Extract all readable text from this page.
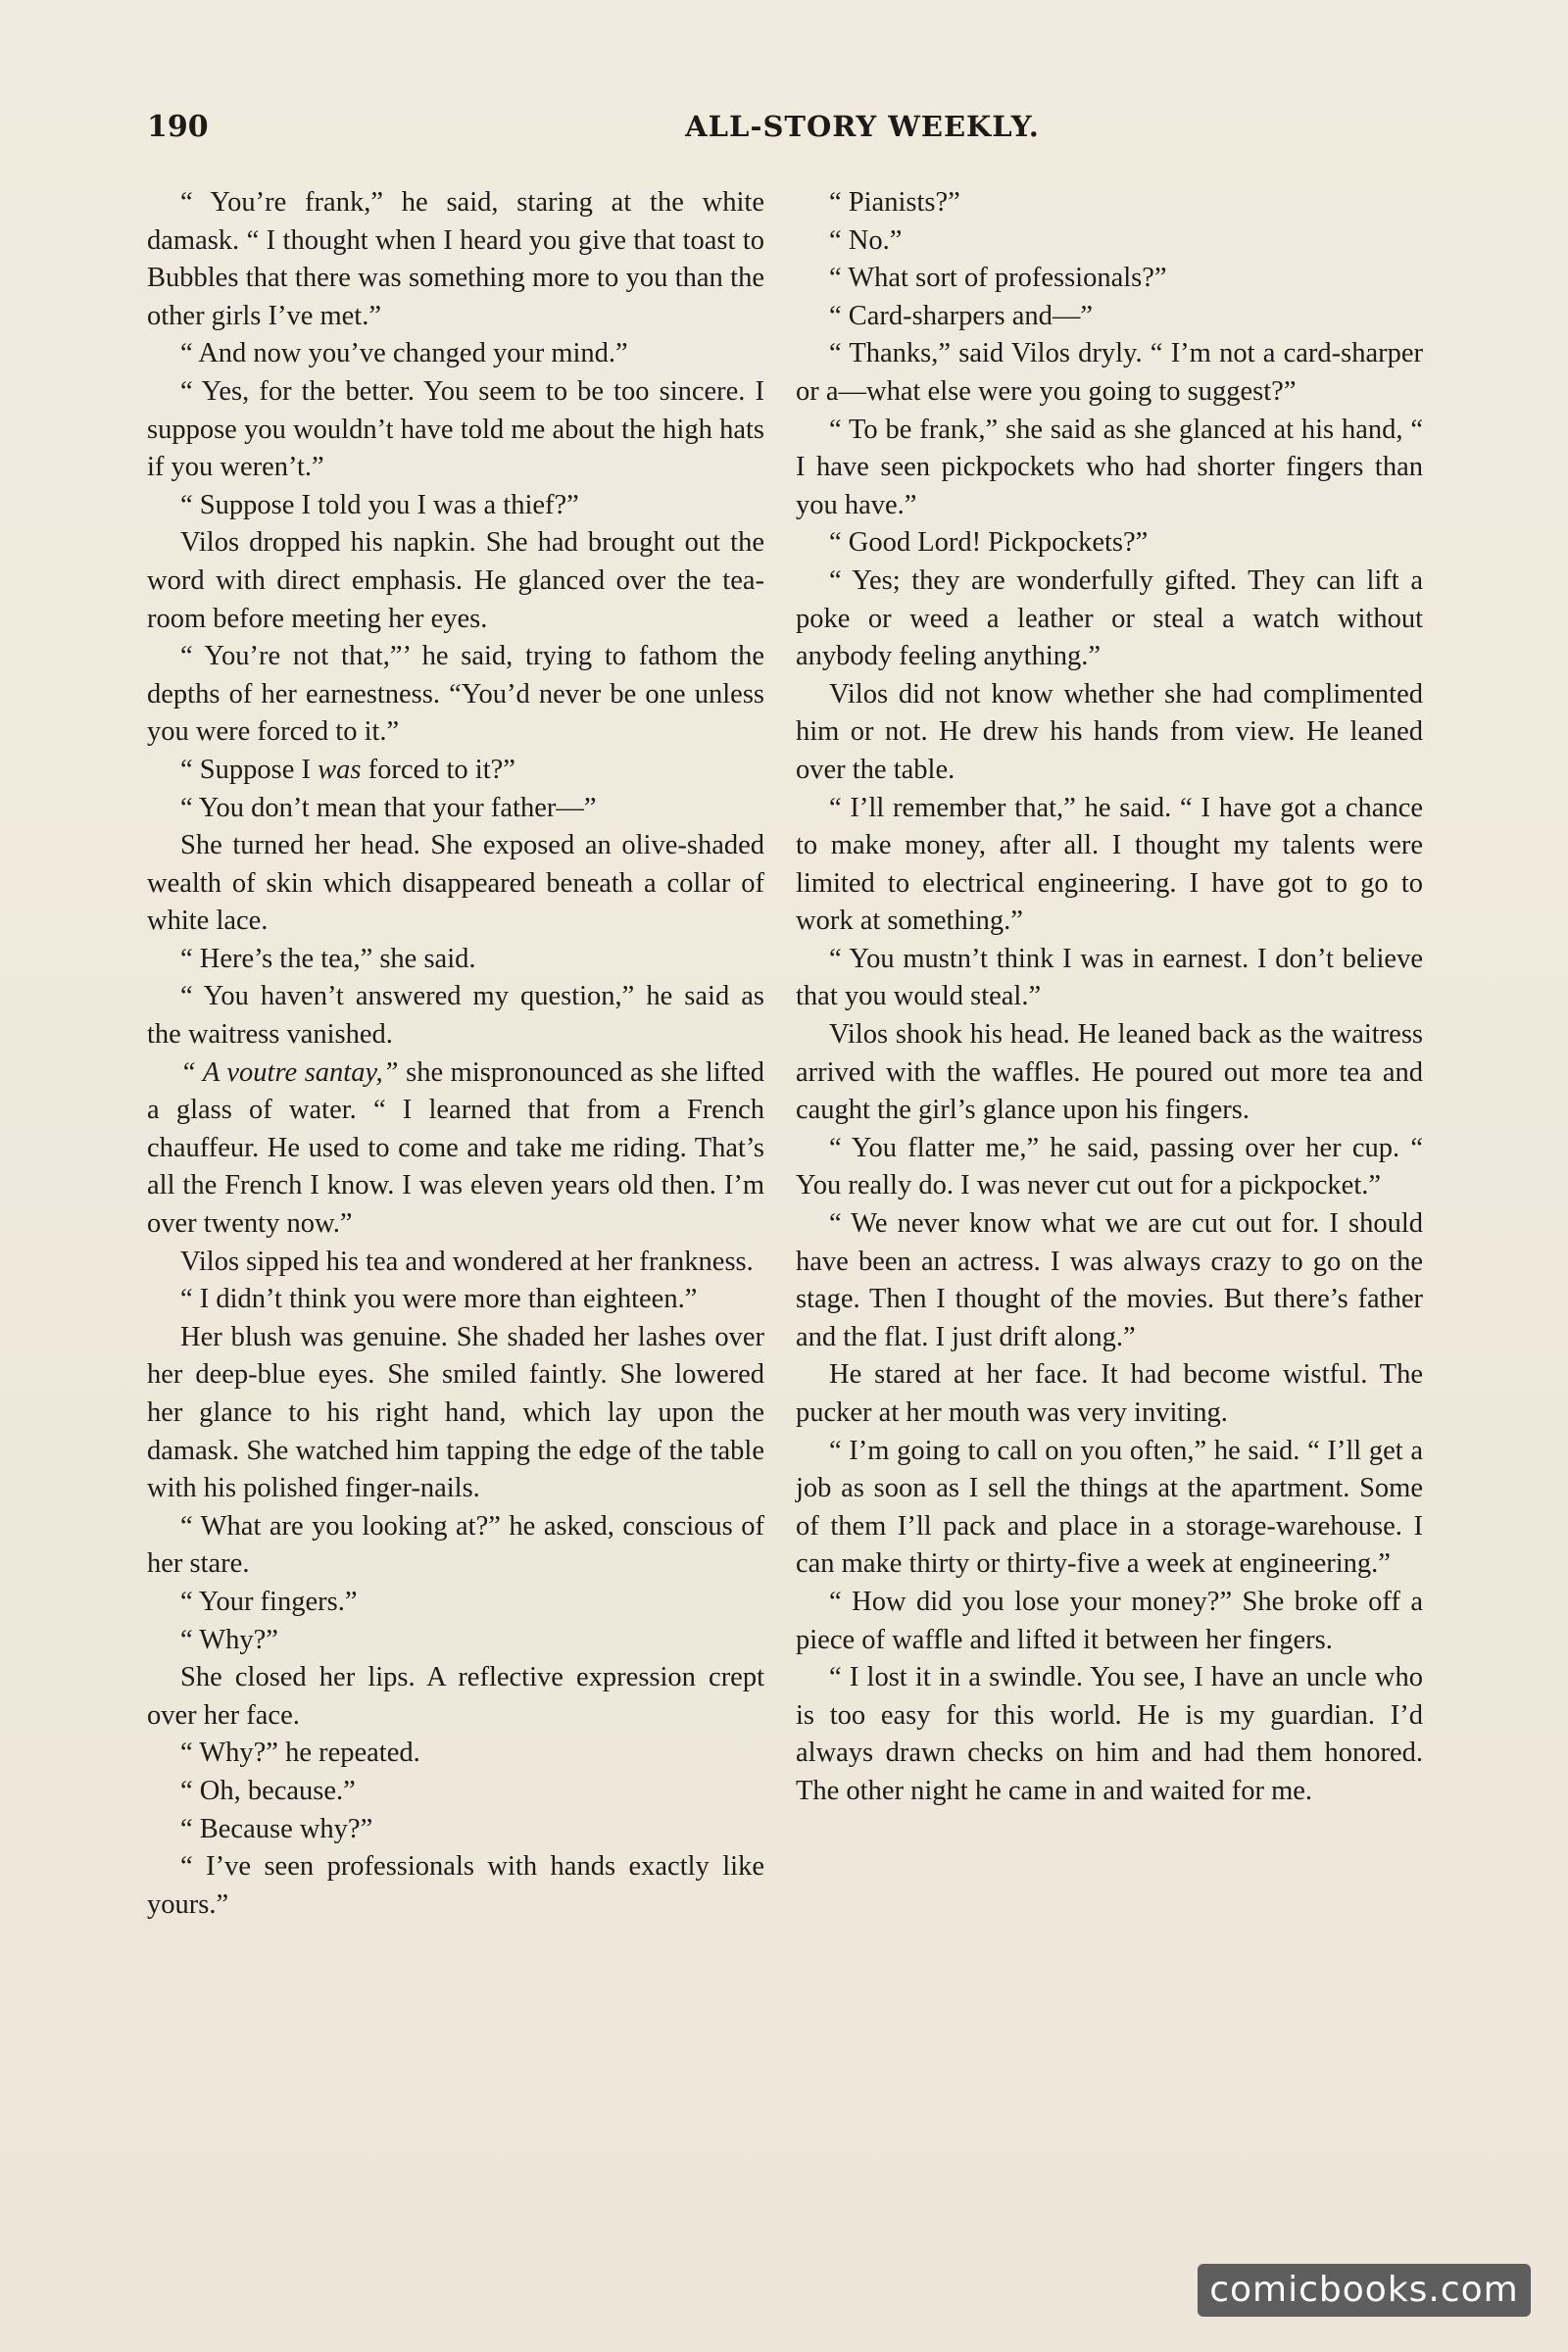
190	ALL-STORY WEEKLY.

“ You’re frank,” he said, staring at the white damask. “ I thought when I heard you give that toast to Bubbles that there was something more to you than the other girls I’ve met.”

“ And now you’ve changed your mind.”

“ Yes, for the better. You seem to be too sincere. I suppose you wouldn’t have told me about the high hats if you weren’t.”

“ Suppose I told you I was a thief?”

Vilos dropped his napkin. She had brought out the word with direct emphasis. He glanced over the tea-room before meeting her eyes.

“ You’re not that,”’ he said, trying to fathom the depths of her earnestness. “You’d never be one unless you were forced to it.”

“ Suppose I was forced to it?”

“ You don’t mean that your father—”

She turned her head. She exposed an olive-shaded wealth of skin which disappeared beneath a collar of white lace.

“ Here’s the tea,” she said.

“ You haven’t answered my question,” he said as the waitress vanished.

“ A voutre santay,” she mispronounced as she lifted a glass of water. “ I learned that from a French chauffeur. He used to come and take me riding. That’s all the French I know. I was eleven years old then. I’m over twenty now.”

Vilos sipped his tea and wondered at her frankness.

“ I didn’t think you were more than eighteen.”

Her blush was genuine. She shaded her lashes over her deep-blue eyes. She smiled faintly. She lowered her glance to his right hand, which lay upon the damask. She watched him tapping the edge of the table with his polished finger-nails.

“ What are you looking at?” he asked, conscious of her stare.

“ Your fingers.”

“ Why?”

She closed her lips. A reflective expression crept over her face.

“ Why?” he repeated.

“ Oh, because.”

“ Because why?”

“ I’ve seen professionals with hands exactly like yours.”

“ Pianists?”

“ No.”

“ What sort of professionals?”

“ Card-sharpers and—”

“ Thanks,” said Vilos dryly. “ I’m not a card-sharper or a—what else were you going to suggest?”

“ To be frank,” she said as she glanced at his hand, “ I have seen pickpockets who had shorter fingers than you have.”

“ Good Lord! Pickpockets?”

“ Yes; they are wonderfully gifted. They can lift a poke or weed a leather or steal a watch without anybody feeling anything.”

Vilos did not know whether she had complimented him or not. He drew his hands from view. He leaned over the table.

“ I’ll remember that,” he said. “ I have got a chance to make money, after all. I thought my talents were limited to electrical engineering. I have got to go to work at something.”

“ You mustn’t think I was in earnest. I don’t believe that you would steal.”

Vilos shook his head. He leaned back as the waitress arrived with the waffles. He poured out more tea and caught the girl’s glance upon his fingers.

“ You flatter me,” he said, passing over her cup. “ You really do. I was never cut out for a pickpocket.”

“ We never know what we are cut out for. I should have been an actress. I was always crazy to go on the stage. Then I thought of the movies. But there’s father and the flat. I just drift along.”

He stared at her face. It had become wistful. The pucker at her mouth was very inviting.

“ I’m going to call on you often,” he said. “ I’ll get a job as soon as I sell the things at the apartment. Some of them I’ll pack and place in a storage-warehouse. I can make thirty or thirty-five a week at engineering.”

“ How did you lose your money?” She broke off a piece of waffle and lifted it between her fingers.

“ I lost it in a swindle. You see, I have an uncle who is too easy for this world. He is my guardian. I’d always drawn checks on him and had them honored. The other night he came in and waited for me.

comicbooks.com
